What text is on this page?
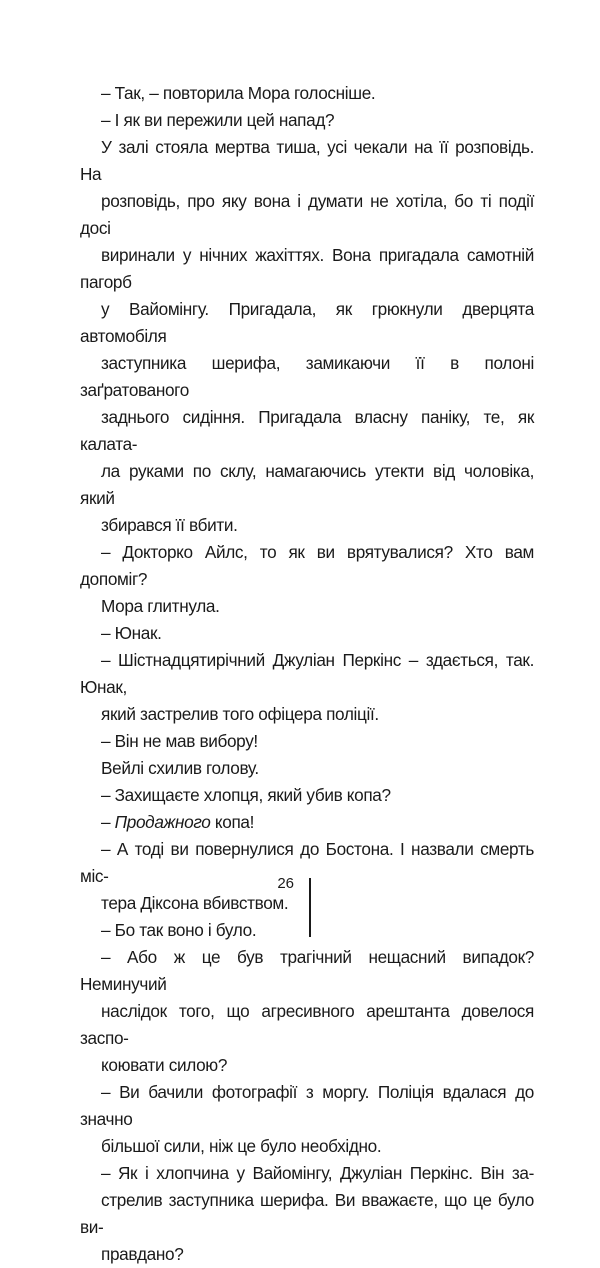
– Так, – повторила Мора голосніше.

– І як ви пережили цей напад?

У залі стояла мертва тиша, усі чекали на її розповідь. На
розповідь, про яку вона і думати не хотіла, бо ті події досі
виринали у нічних жахіттях. Вона пригадала самотній пагорб
у Вайомінгу. Пригадала, як грюкнули дверцята автомобіля
заступника шерифа, замикаючи її в полоні заґратованого
заднього сидіння. Пригадала власну паніку, те, як калата-
ла руками по склу, намагаючись утекти від чоловіка, який
збирався її вбити.

– Докторко Айлс, то як ви врятувалися? Хто вам допоміг?

Мора глитнула.

– Юнак.

– Шістнадцятирічний Джуліан Перкінс – здається, так. Юнак,
який застрелив того офіцера поліції.

– Він не мав вибору!

Вейлі схилив голову.

– Захищаєте хлопця, який убив копа?

– Продажного копа!

– А тоді ви повернулися до Бостона. І назвали смерть міс-
тера Діксона вбивством.

– Бо так воно і було.

– Або ж це був трагічний нещасний випадок? Неминучий
наслідок того, що агресивного арештанта довелося заспо-
коювати силою?

– Ви бачили фотографії з моргу. Поліція вдалася до значно
більшої сили, ніж це було необхідно.

– Як і хлопчина у Вайомінгу, Джуліан Перкінс. Він за-
стрелив заступника шерифа. Ви вважаєте, що це було ви-
правдано?

26
